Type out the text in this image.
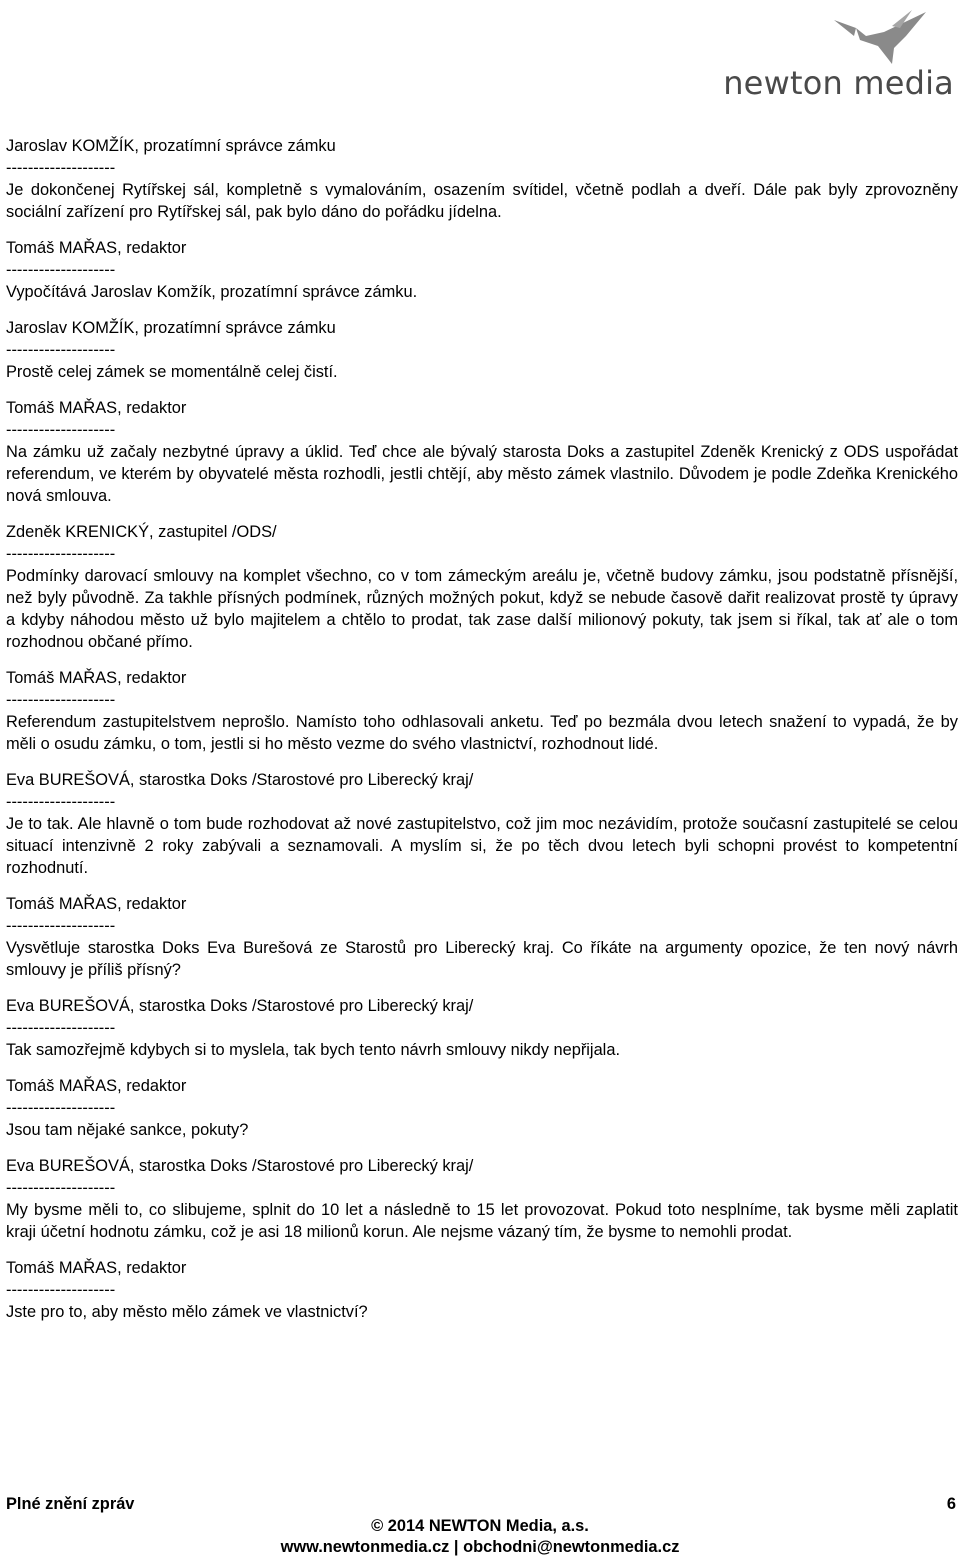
newton media
Jaroslav KOMŽÍK, prozatímní správce zámku
--------------------
Je dokončenej Rytířskej sál, kompletně s vymalováním, osazením svítidel, včetně podlah a dveří. Dále pak byly zprovozněny sociální zařízení pro Rytířskej sál, pak bylo dáno do pořádku jídelna.
Tomáš MAŘAS, redaktor
--------------------
Vypočítává Jaroslav Komžík, prozatímní správce zámku.
Jaroslav KOMŽÍK, prozatímní správce zámku
--------------------
Prostě celej zámek se momentálně celej čistí.
Tomáš MAŘAS, redaktor
--------------------
Na zámku už začaly nezbytné úpravy a úklid. Teď chce ale bývalý starosta Doks a zastupitel Zdeněk Krenický z ODS uspořádat referendum, ve kterém by obyvatelé města rozhodli, jestli chtějí, aby město zámek vlastnilo. Důvodem je podle Zdeňka Krenického nová smlouva.
Zdeněk KRENICKÝ, zastupitel /ODS/
--------------------
Podmínky darovací smlouvy na komplet všechno, co v tom zámeckým areálu je, včetně budovy zámku, jsou podstatně přísnější, než byly původně. Za takhle přísných podmínek, různých možných pokut, když se nebude časově dařit realizovat prostě ty úpravy a kdyby náhodou město už bylo majitelem a chtělo to prodat, tak zase další milionový pokuty, tak jsem si říkal, tak ať ale o tom rozhodnou občané přímo.
Tomáš MAŘAS, redaktor
--------------------
Referendum zastupitelstvem neprošlo. Namísto toho odhlasovali anketu. Teď po bezmála dvou letech snažení to vypadá, že by měli o osudu zámku, o tom, jestli si ho město vezme do svého vlastnictví, rozhodnout lidé.
Eva BUREŠOVÁ, starostka Doks /Starostové pro Liberecký kraj/
--------------------
Je to tak. Ale hlavně o tom bude rozhodovat až nové zastupitelstvo, což jim moc nezávidím, protože současní zastupitelé se celou situací intenzivně 2 roky zabývali a seznamovali. A myslím si, že po těch dvou letech byli schopni provést to kompetentní rozhodnutí.
Tomáš MAŘAS, redaktor
--------------------
Vysvětluje starostka Doks Eva Burešová ze Starostů pro Liberecký kraj. Co říkáte na argumenty opozice, že ten nový návrh smlouvy je příliš přísný?
Eva BUREŠOVÁ, starostka Doks /Starostové pro Liberecký kraj/
--------------------
Tak samozřejmě kdybych si to myslela, tak bych tento návrh smlouvy nikdy nepřijala.
Tomáš MAŘAS, redaktor
--------------------
Jsou tam nějaké sankce, pokuty?
Eva BUREŠOVÁ, starostka Doks /Starostové pro Liberecký kraj/
--------------------
My bysme měli to, co slibujeme, splnit do 10 let a následně to 15 let provozovat. Pokud toto nesplníme, tak bysme měli zaplatit kraji účetní hodnotu zámku, což je asi 18 milionů korun. Ale nejsme vázaný tím, že bysme to nemohli prodat.
Tomáš MAŘAS, redaktor
--------------------
Jste pro to, aby město mělo zámek ve vlastnictví?
Plné znění zpráv	6
© 2014 NEWTON Media, a.s.
www.newtonmedia.cz | obchodni@newtonmedia.cz
